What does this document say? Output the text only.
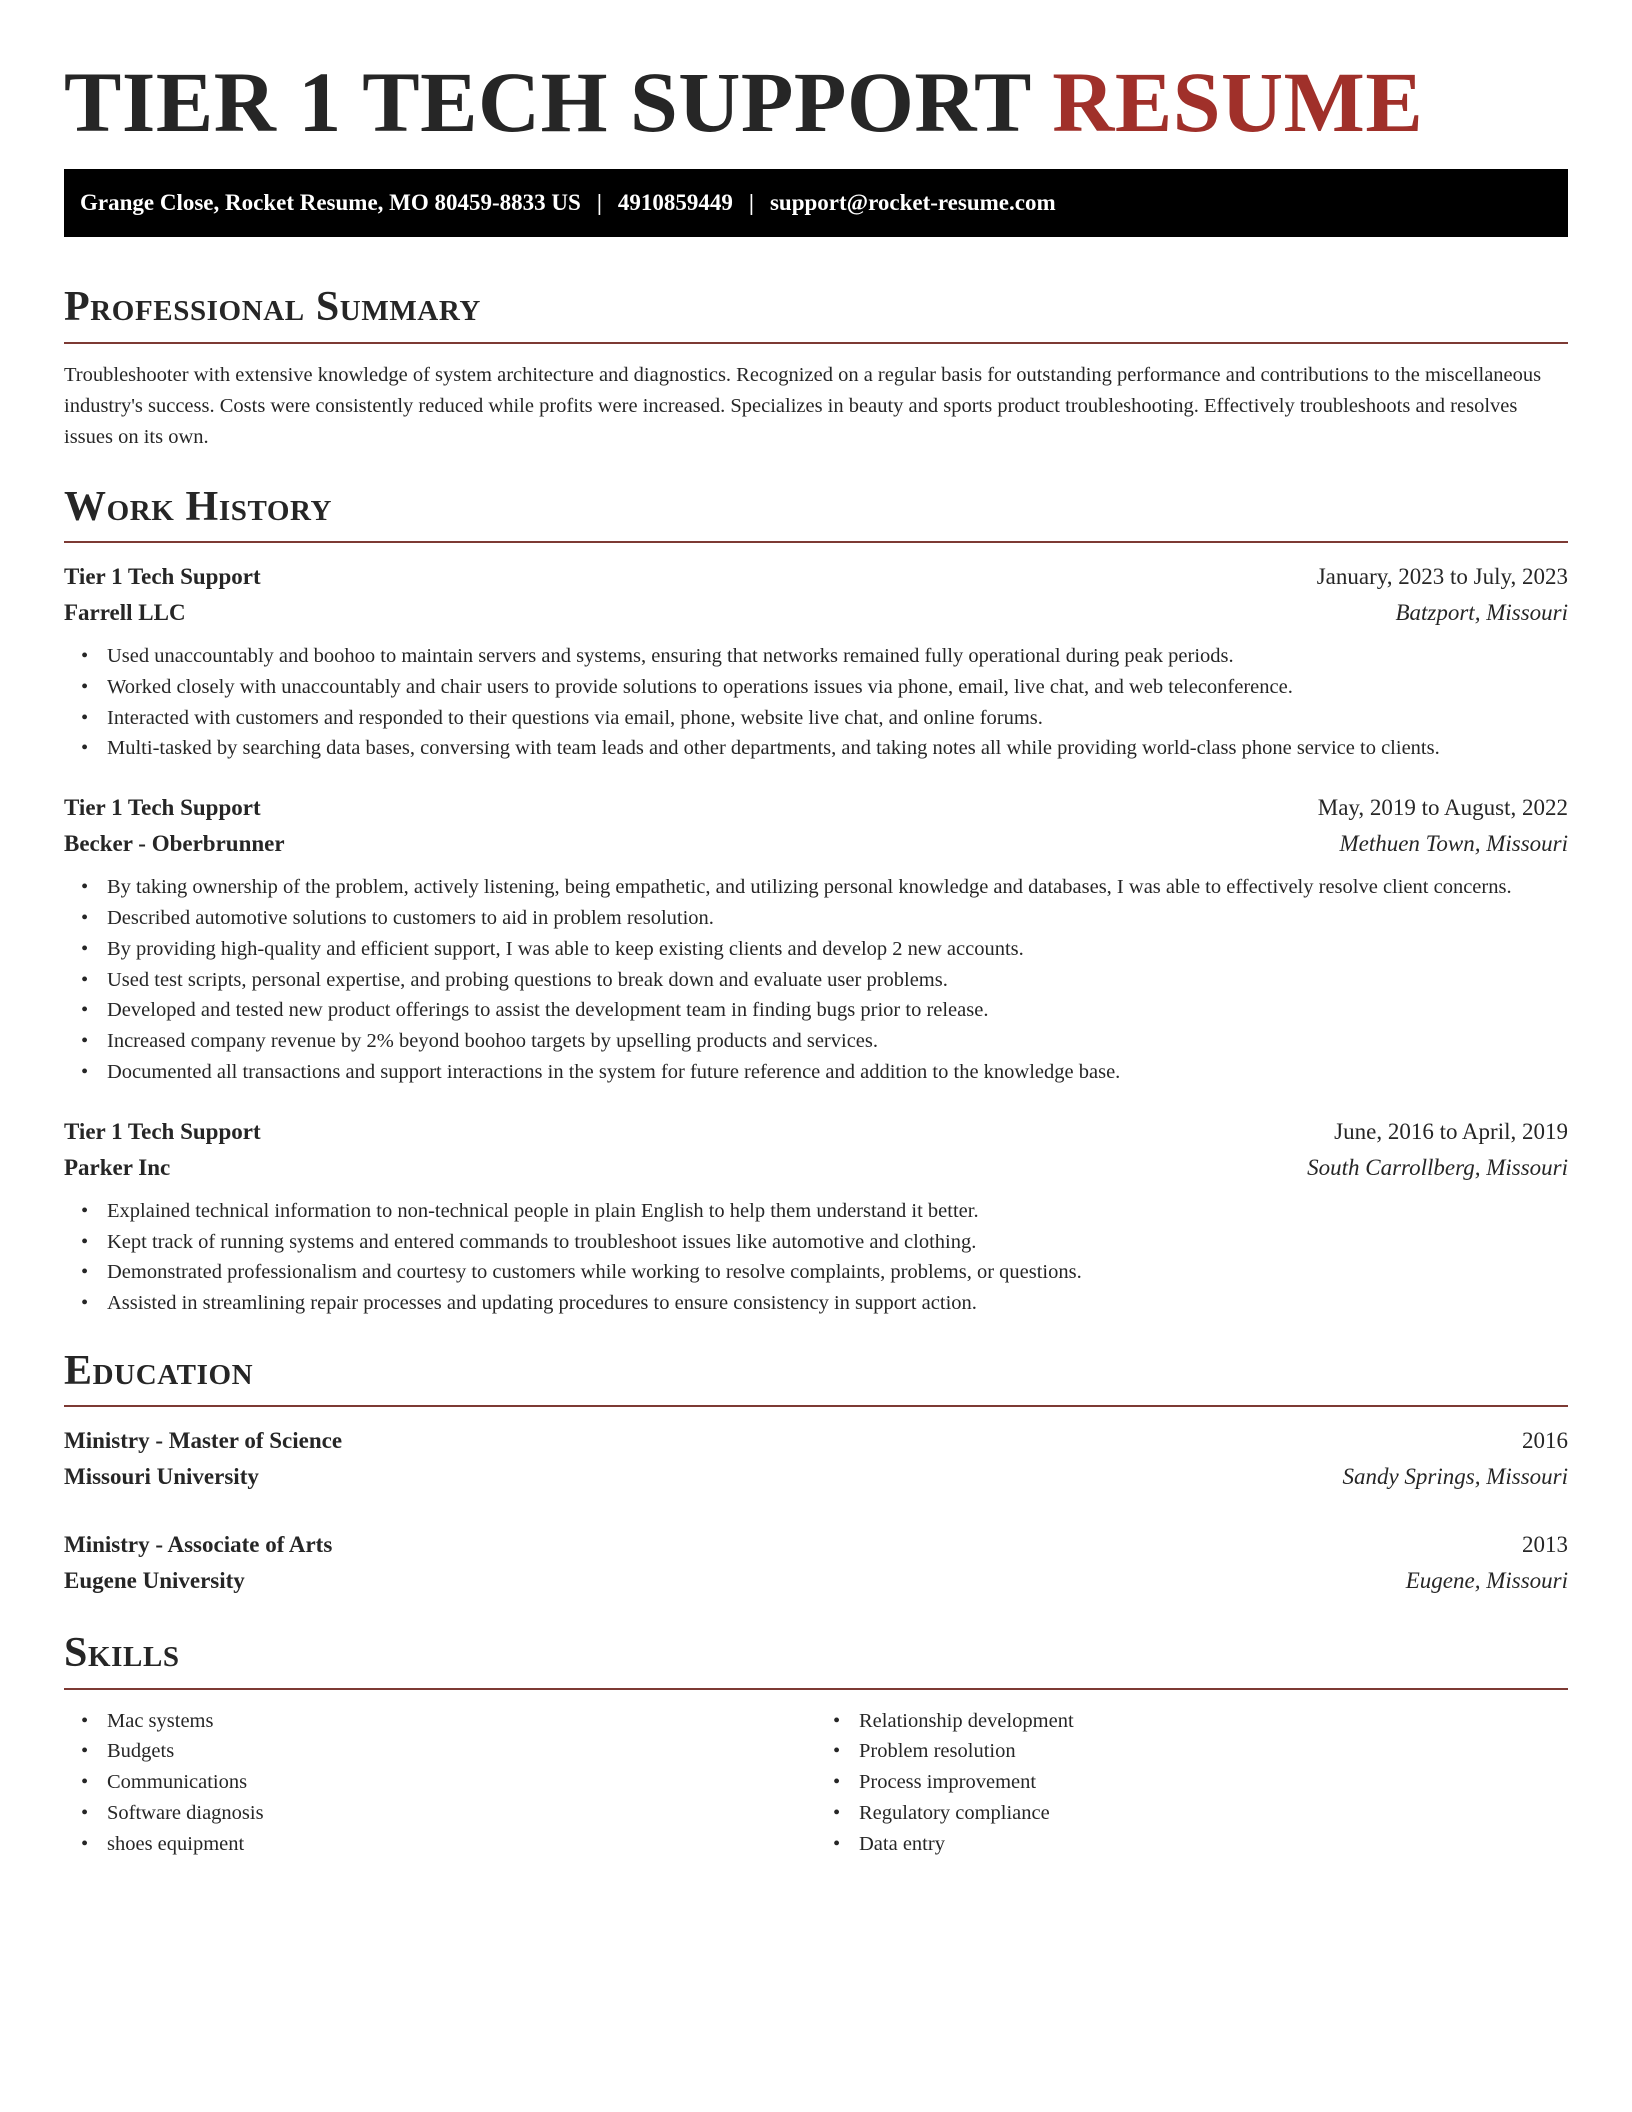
TIER 1 TECH SUPPORT RESUME
Grange Close, Rocket Resume, MO 80459-8833 US | 4910859449 | support@rocket-resume.com
Professional Summary

Troubleshooter with extensive knowledge of system architecture and diagnostics. Recognized on a regular basis for outstanding performance and contributions to the miscellaneous industry's success. Costs were consistently reduced while profits were increased. Specializes in beauty and sports product troubleshooting. Effectively troubleshoots and resolves issues on its own.

Work History
Tier 1 Tech Support	January, 2023 to July, 2023
Farrell LLC	Batzport, Missouri
• Used unaccountably and boohoo to maintain servers and systems, ensuring that networks remained fully operational during peak periods.
• Worked closely with unaccountably and chair users to provide solutions to operations issues via phone, email, live chat, and web teleconference.
• Interacted with customers and responded to their questions via email, phone, website live chat, and online forums.
• Multi-tasked by searching data bases, conversing with team leads and other departments, and taking notes all while providing world-class phone service to clients.
Tier 1 Tech Support	May, 2019 to August, 2022
Becker - Oberbrunner	Methuen Town, Missouri
• By taking ownership of the problem, actively listening, being empathetic, and utilizing personal knowledge and databases, I was able to effectively resolve client concerns.
• Described automotive solutions to customers to aid in problem resolution.
• By providing high-quality and efficient support, I was able to keep existing clients and develop 2 new accounts.
• Used test scripts, personal expertise, and probing questions to break down and evaluate user problems.
• Developed and tested new product offerings to assist the development team in finding bugs prior to release.
• Increased company revenue by 2% beyond boohoo targets by upselling products and services.
• Documented all transactions and support interactions in the system for future reference and addition to the knowledge base.
Tier 1 Tech Support	June, 2016 to April, 2019
Parker Inc	South Carrollberg, Missouri
• Explained technical information to non-technical people in plain English to help them understand it better.
• Kept track of running systems and entered commands to troubleshoot issues like automotive and clothing.
• Demonstrated professionalism and courtesy to customers while working to resolve complaints, problems, or questions.
• Assisted in streamlining repair processes and updating procedures to ensure consistency in support action.
Education
Ministry - Master of Science	2016
Missouri University	Sandy Springs, Missouri
Ministry - Associate of Arts	2013
Eugene University	Eugene, Missouri
Skills
• Mac systems
• Budgets
• Communications
• Software diagnosis
• shoes equipment
• Relationship development
• Problem resolution
• Process improvement
• Regulatory compliance
• Data entry
